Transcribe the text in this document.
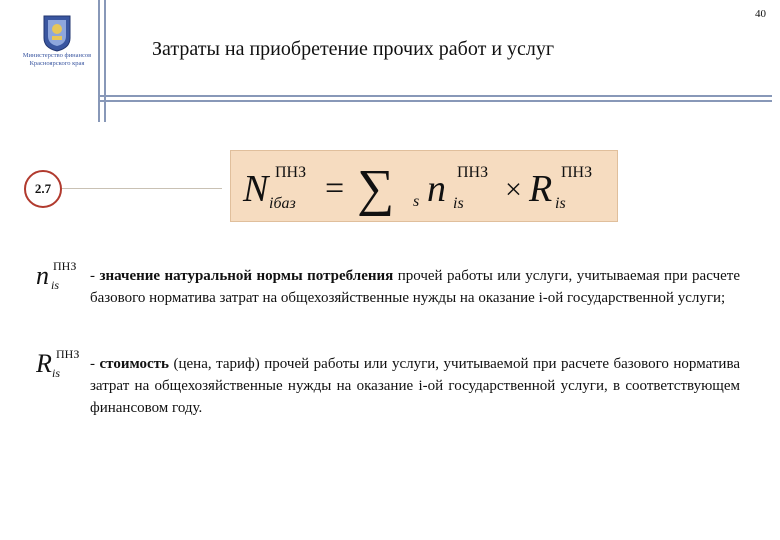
40
Министерство финансов
Красноярского края
Затраты на приобретение прочих работ и услуг
2.7	N ПНЗ
iбаз = ∑ s n ПНЗ
is × R ПНЗ
is
n ПНЗ
is
- значение натуральной нормы потребления прочей работы или услуги, учитываемая при расчете базового норматива затрат на общехозяйственные нужды на оказание i-ой государственной услуги;
R ПНЗ
is
- стоимость (цена, тариф) прочей работы или услуги, учитываемой при расчете базового норматива затрат на общехозяйственные нужды на оказание i-ой государственной услуги, в соответствующем финансовом году.
